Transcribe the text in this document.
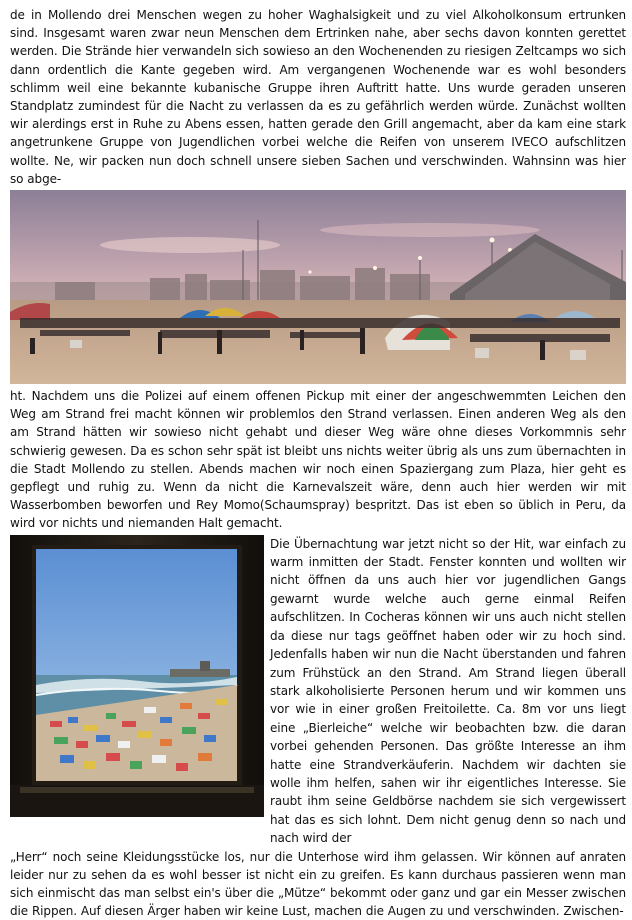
de in Mollendo drei Menschen wegen zu hoher Waghalsigkeit und zu viel Alkoholkonsum ertrunken sind. Insgesamt waren zwar neun Menschen dem Ertrinken nahe, aber sechs davon konnten gerettet werden. Die Strände hier verwandeln sich sowieso an den Wochenenden zu riesigen Zeltcamps wo sich dann ordentlich die Kante gegeben wird. Am vergangenen Wochenende war es wohl besonders schlimm weil eine bekannte kubanische Gruppe ihren Auftritt hatte. Uns wurde geraden unseren Standplatz zumindest für die Nacht zu verlassen da es zu gefährlich werden würde. Zunächst wollten wir alerdings erst in Ruhe zu Abens essen, hatten gerade den Grill angemacht, aber da kam eine stark angetrunkene Gruppe von Jugendlichen vorbei welche die Reifen von unserem IVECO aufschlitzen wollte. Ne, wir packen nun doch schnell unsere sieben Sachen und verschwinden. Wahnsinn was hier so abge-

ht. Nachdem uns die Polizei auf einem offenen Pickup mit einer der angeschwemmten Leichen den Weg am Strand frei macht können wir problemlos den Strand verlassen. Einen anderen Weg als den am Strand hätten wir sowieso nicht gehabt und dieser Weg wäre ohne dieses Vorkommnis sehr schwierig gewesen. Da es schon sehr spät ist bleibt uns nichts weiter übrig als uns zum übernachten in die Stadt Mollendo zu stellen. Abends machen wir noch einen Spaziergang zum Plaza, hier geht es gepflegt und ruhig zu. Wenn da nicht die Karnevalszeit wäre, denn auch hier werden wir mit Wasserbomben beworfen und Rey Momo(Schaumspray) bespritzt. Das ist eben so üblich in Peru, da wird vor nichts und niemanden Halt gemacht.

Die Übernachtung war jetzt nicht so der Hit, war einfach zu warm inmitten der Stadt. Fenster konnten und wollten wir nicht öffnen da uns auch hier vor jugendlichen Gangs gewarnt wurde welche auch gerne einmal Reifen aufschlitzen. In Cocheras können wir uns auch nicht stellen da diese nur tags geöffnet haben oder wir zu hoch sind. Jedenfalls haben wir nun die Nacht überstanden und fahren zum Frühstück an den Strand. Am Strand liegen überall stark alkoholisierte Personen herum und wir kommen uns vor wie in einer großen Freitoilette. Ca. 8m vor uns liegt eine „Bierleiche“ welche wir beobachten bzw. die daran vorbei gehenden Personen. Das größte Interesse an ihm hatte eine Strandverkäuferin. Nachdem wir dachten sie wolle ihm helfen, sahen wir ihr eigentliches Interesse. Sie raubt ihm seine Geldbörse nachdem sie sich vergewissert hat das es sich lohnt. Dem nicht genug denn so nach und nach wird der

„Herr“ noch seine Kleidungsstücke los, nur die Unterhose wird ihm gelassen. Wir können auf anraten leider nur zu sehen da es wohl besser ist nicht ein zu greifen. Es kann durchaus passieren wenn man sich einmischt das man selbst ein's über die „Mütze“ bekommt oder ganz und gar ein Messer zwischen die Rippen. Auf diesen Ärger haben wir keine Lust, machen die Augen zu und verschwinden. Zwischen-
